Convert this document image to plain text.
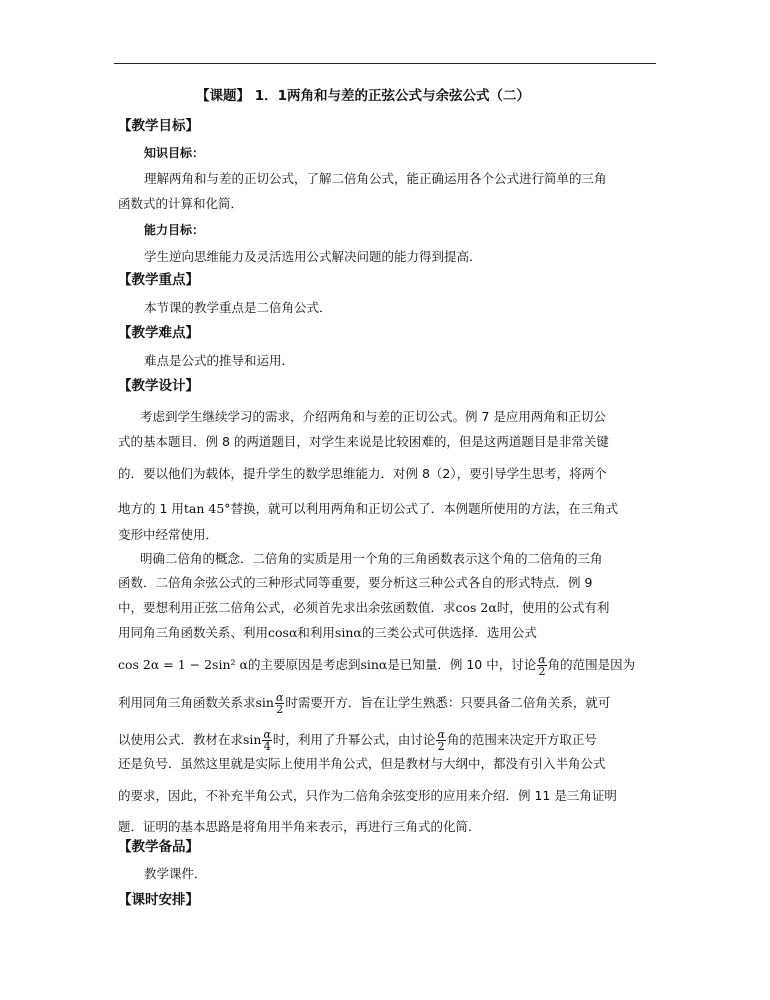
【课题】 1．1两角和与差的正弦公式与余弦公式（二）
【教学目标】
知识目标：
理解两角和与差的正切公式，了解二倍角公式，能正确运用各个公式进行简单的三角
函数式的计算和化简．
能力目标：
学生逆向思维能力及灵活选用公式解决问题的能力得到提高．
【教学重点】
本节课的教学重点是二倍角公式．
【教学难点】
难点是公式的推导和运用．
【教学设计】
考虑到学生继续学习的需求，介绍两角和与差的正切公式。例 7 是应用两角和正切公
式的基本题目．例 8 的两道题目，对学生来说是比较困难的，但是这两道题目是非常关键
的．要以他们为载体，提升学生的数学思维能力．对例 8（2），要引导学生思考，将两个
地方的 1 用tan 45°替换，就可以利用两角和正切公式了．本例题所使用的方法，在三角式
变形中经常使用．
明确二倍角的概念．二倍角的实质是用一个角的三角函数表示这个角的二倍角的三角
函数．二倍角余弦公式的三种形式同等重要，要分析这三种公式各自的形式特点．例 9
中，要想利用正弦二倍角公式，必须首先求出余弦函数值．求cos 2α时，使用的公式有利
用同角三角函数关系、利用cosα和利用sinα的三类公式可供选择．选用公式
cos 2α = 1 − 2sin² α的主要原因是考虑到sinα是已知量．例 10 中，讨论 $\frac{\alpha}{2}$ 角的范围是因为
利用同角三角函数关系求$\sin \frac{\alpha}{2}$ 时需要开方．旨在让学生熟悉：只要具备二倍角关系，就可
以使用公式．教材在求$\sin \frac{\alpha}{4}$ 时，利用了升幂公式，由讨论 $\frac{\alpha}{2}$ 角的范围来决定开方取正号
还是负号．虽然这里就是实际上使用半角公式，但是教材与大纲中，都没有引入半角公式
的要求，因此，不补充半角公式，只作为二倍角余弦变形的应用来介绍．例 11 是三角证明
题．证明的基本思路是将角用半角来表示，再进行三角式的化简．
【教学备品】
教学课件．
【课时安排】
